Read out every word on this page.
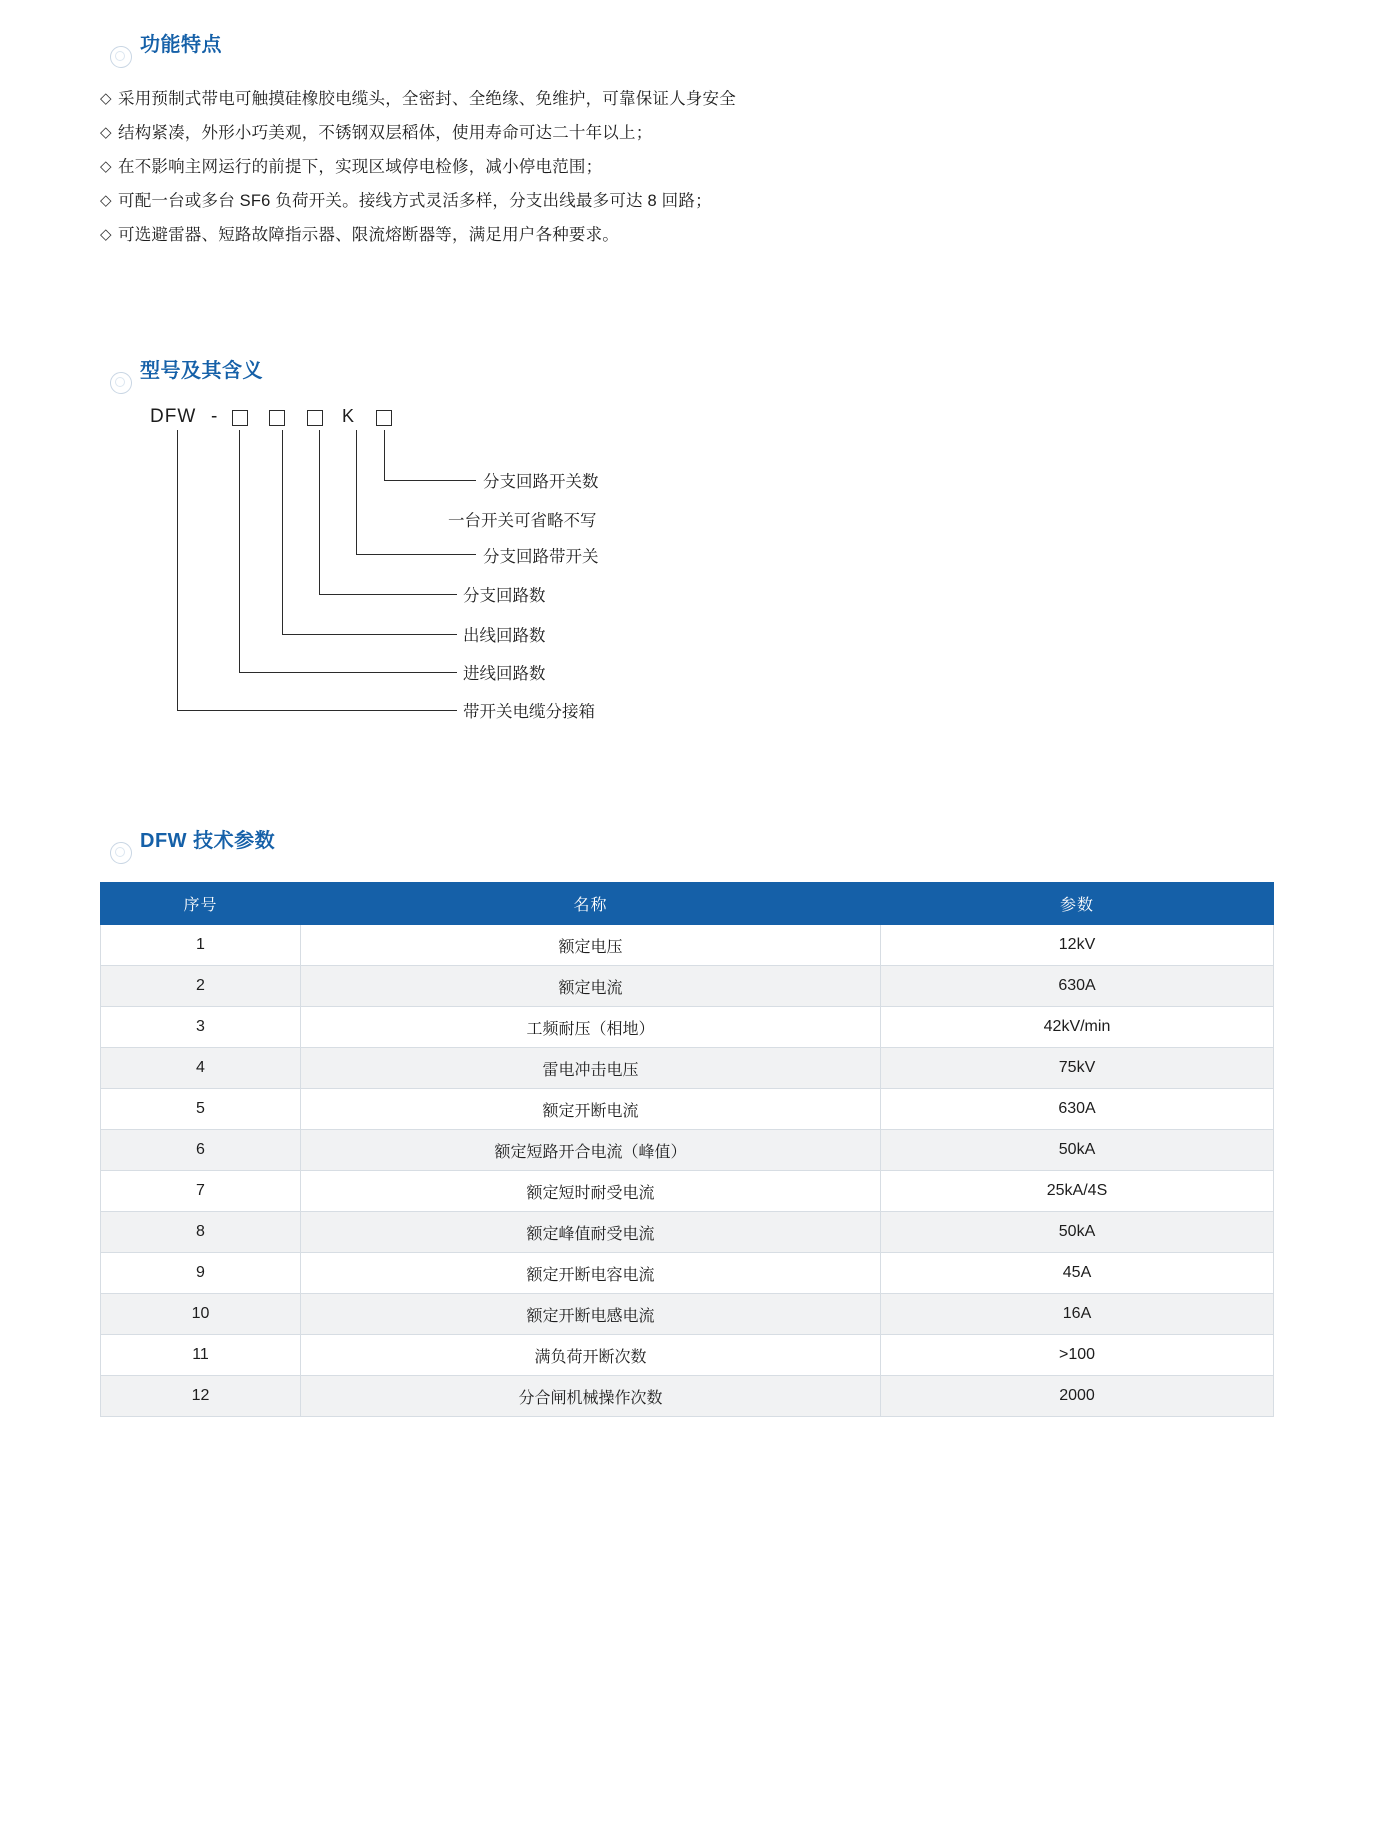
功能特点
◇ 采用预制式带电可触摸硅橡胶电缆头，全密封、全绝缘、免维护，可靠保证人身安全
◇ 结构紧凑，外形小巧美观，不锈钢双层稻体，使用寿命可达二十年以上；
◇ 在不影响主网运行的前提下，实现区域停电检修，减小停电范围；
◇ 可配一台或多台 SF6 负荷开关。接线方式灵活多样，分支出线最多可达 8 回路；
◇ 可选避雷器、短路故障指示器、限流熔断器等，满足用户各种要求。
型号及其含义
DFW -	K
分支回路开关数
一台开关可省略不写
分支回路带开关
分支回路数
出线回路数
进线回路数
带开关电缆分接箱
DFW 技术参数
序号	名称	参数
1	额定电压	12kV
2	额定电流	630A
3	工频耐压（相地）	42kV/min
4	雷电冲击电压	75kV
5	额定开断电流	630A
6	额定短路开合电流（峰值）	50kA
7	额定短时耐受电流	25kA/4S
8	额定峰值耐受电流	50kA
9	额定开断电容电流	45A
10	额定开断电感电流	16A
11	满负荷开断次数	>100
12	分合闸机械操作次数	2000
